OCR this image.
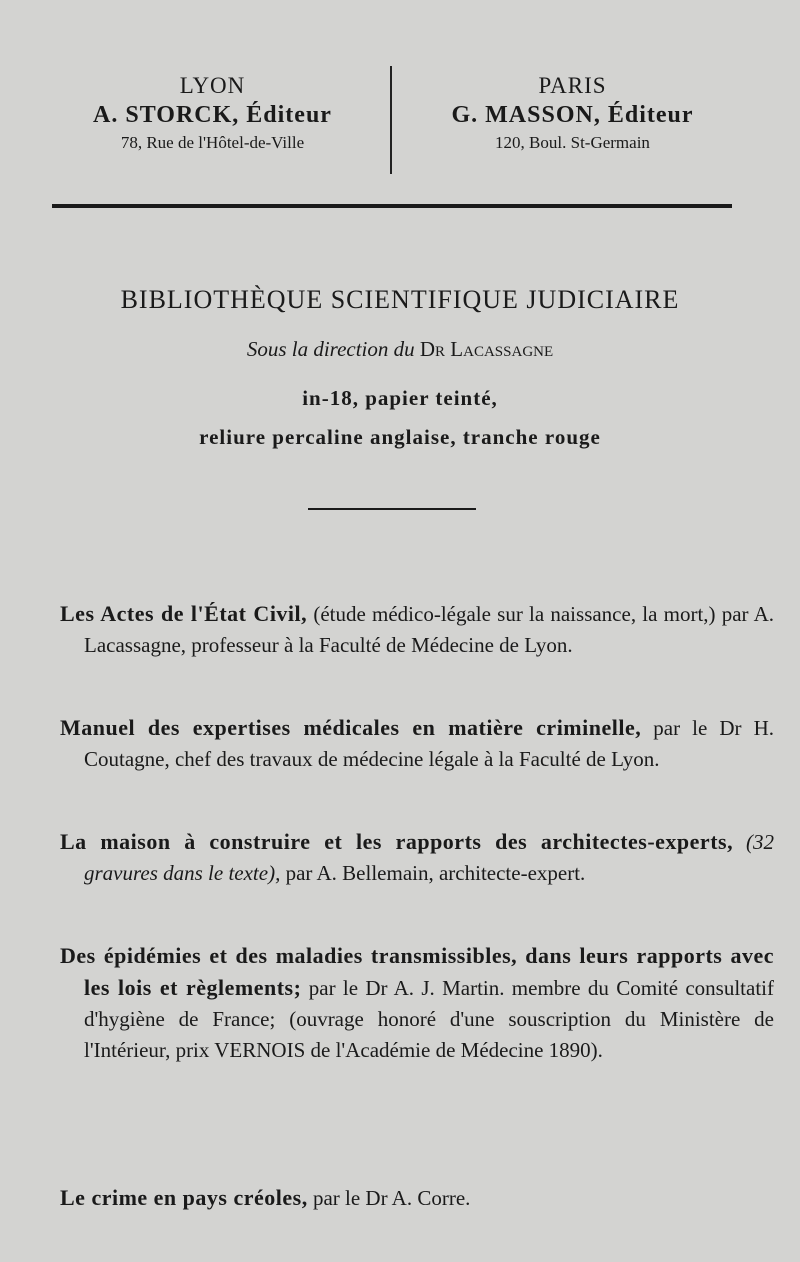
LYON
A. STORCK, Éditeur
78, Rue de l'Hôtel-de-Ville
PARIS
G. MASSON, Éditeur
120, Boul. St-Germain
BIBLIOTHÈQUE SCIENTIFIQUE JUDICIAIRE
Sous la direction du Dr Lacassagne
in-18, papier teinté,
reliure percaline anglaise, tranche rouge
Les Actes de l'État Civil, (étude médico-légale sur la naissance, la mort,) par A. Lacassagne, professeur à la Faculté de Médecine de Lyon.
Manuel des expertises médicales en matière criminelle, par le Dr H. Coutagne, chef des travaux de médecine légale à la Faculté de Lyon.
La maison à construire et les rapports des architectes-experts, (32 gravures dans le texte), par A. Bellemain, architecte-expert.
Des épidémies et des maladies transmissibles, dans leurs rapports avec les lois et règlements; par le Dr A. J. Martin. membre du Comité consultatif d'hygiène de France; (ouvrage honoré d'une souscription du Ministère de l'Intérieur, prix VERNOIS de l'Académie de Médecine 1890).
Le crime en pays créoles, par le Dr A. Corre.
